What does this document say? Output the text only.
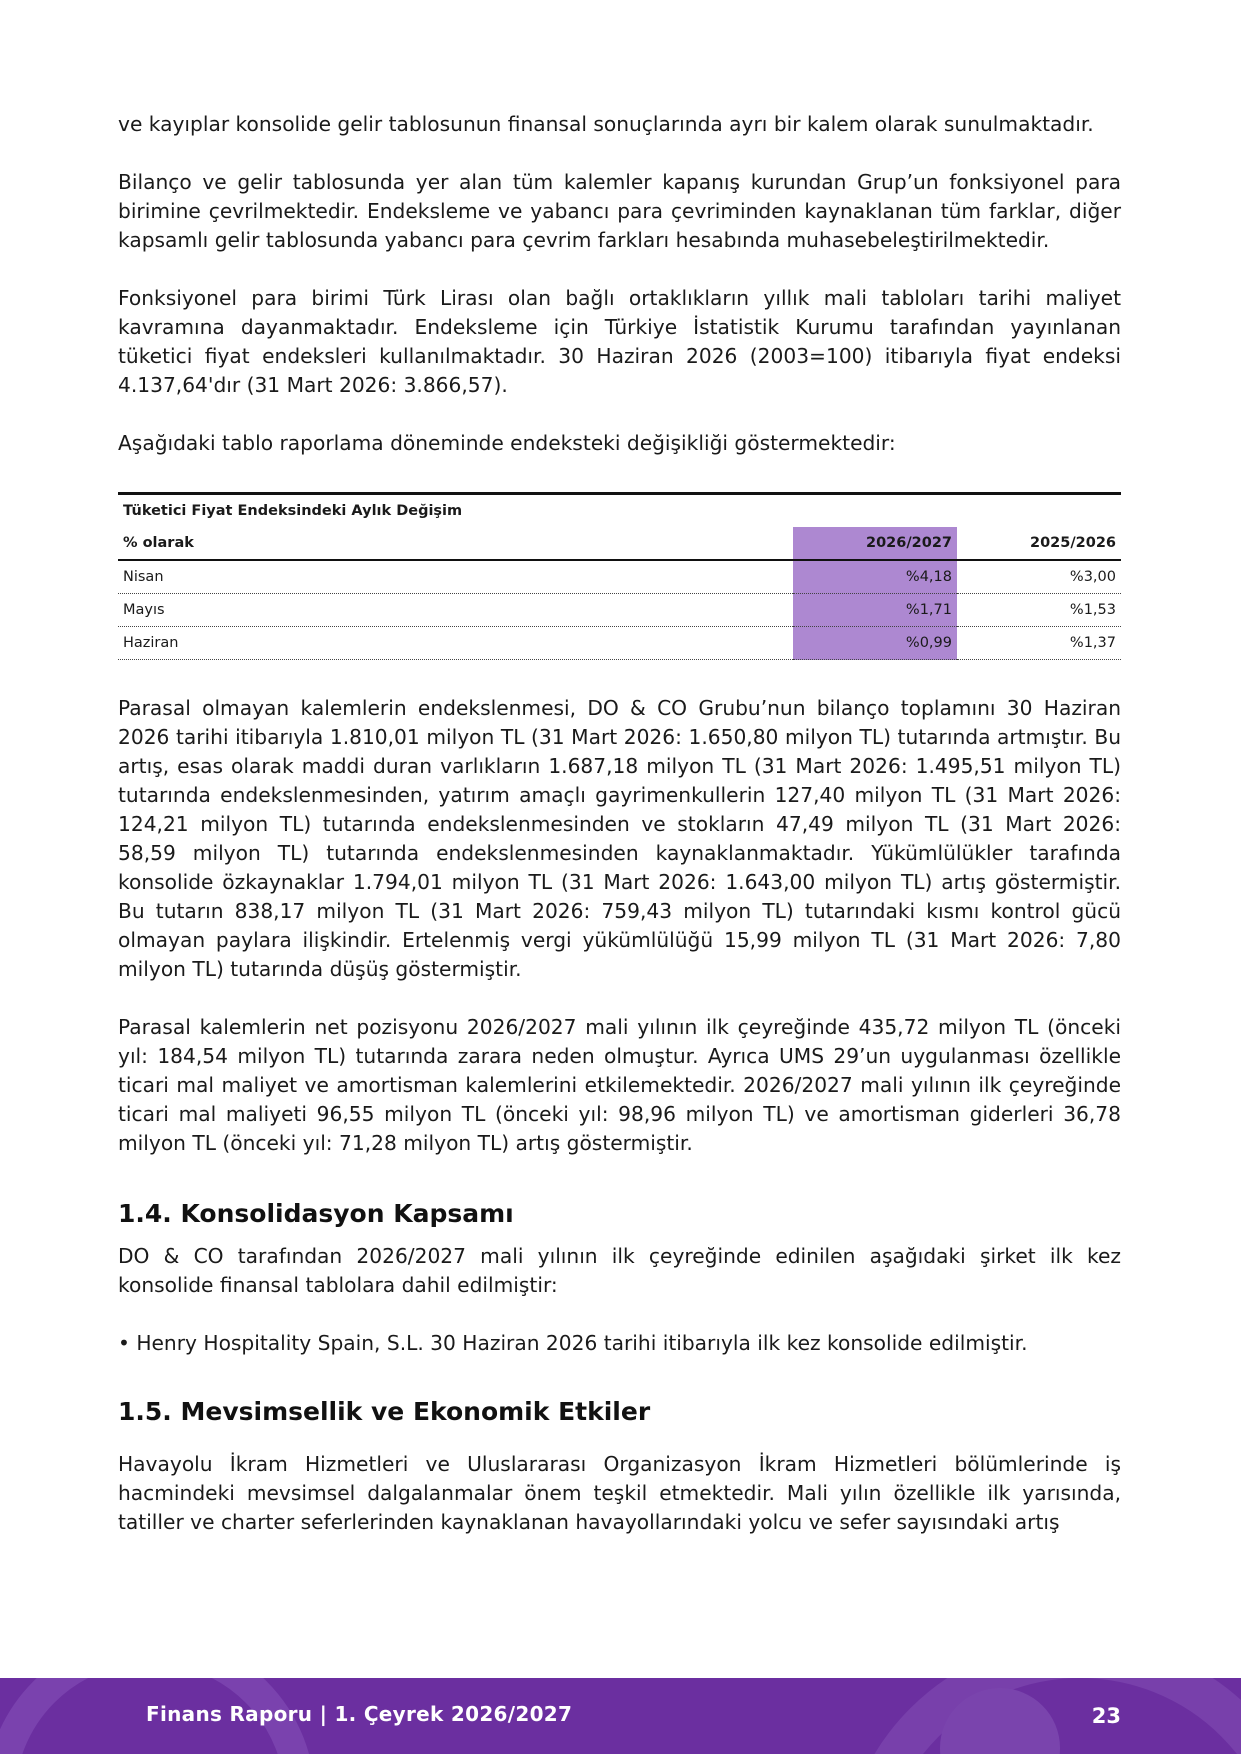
ve kayıplar konsolide gelir tablosunun finansal sonuçlarında ayrı bir kalem olarak sunulmaktadır.

Bilanço ve gelir tablosunda yer alan tüm kalemler kapanış kurundan Grup’un fonksiyonel para birimine çevrilmektedir. Endeksleme ve yabancı para çevriminden kaynaklanan tüm farklar, diğer kapsamlı gelir tablosunda yabancı para çevrim farkları hesabında muhasebeleştirilmektedir.

Fonksiyonel para birimi Türk Lirası olan bağlı ortaklıkların yıllık mali tabloları tarihi maliyet kavramına dayanmaktadır. Endeksleme için Türkiye İstatistik Kurumu tarafından yayınlanan tüketici fiyat endeksleri kullanılmaktadır. 30 Haziran 2026 (2003=100) itibarıyla fiyat endeksi 4.137,64'dır (31 Mart 2026: 3.866,57).

Aşağıdaki tablo raporlama döneminde endeksteki değişikliği göstermektedir:

Tüketici Fiyat Endeksindeki Aylık Değişim		
% olarak	2026/2027	2025/2026
Nisan	%4,18	%3,00
Mayıs	%1,71	%1,53
Haziran	%0,99	%1,37

Parasal olmayan kalemlerin endekslenmesi, DO & CO Grubu’nun bilanço toplamını 30 Haziran 2026 tarihi itibarıyla 1.810,01 milyon TL (31 Mart 2026: 1.650,80 milyon TL) tutarında artmıştır. Bu artış, esas olarak maddi duran varlıkların 1.687,18 milyon TL (31 Mart 2026: 1.495,51 milyon TL) tutarında endekslenmesinden, yatırım amaçlı gayrimenkullerin 127,40 milyon TL (31 Mart 2026: 124,21 milyon TL) tutarında endekslenmesinden ve stokların 47,49 milyon TL (31 Mart 2026: 58,59 milyon TL) tutarında endekslenmesinden kaynaklanmaktadır. Yükümlülükler tarafında konsolide özkaynaklar 1.794,01 milyon TL (31 Mart 2026: 1.643,00 milyon TL) artış göstermiştir. Bu tutarın 838,17 milyon TL (31 Mart 2026: 759,43 milyon TL) tutarındaki kısmı kontrol gücü olmayan paylara ilişkindir. Ertelenmiş vergi yükümlülüğü 15,99 milyon TL (31 Mart 2026: 7,80 milyon TL) tutarında düşüş göstermiştir.

Parasal kalemlerin net pozisyonu 2026/2027 mali yılının ilk çeyreğinde 435,72 milyon TL (önceki yıl: 184,54 milyon TL) tutarında zarara neden olmuştur. Ayrıca UMS 29’un uygulanması özellikle ticari mal maliyet ve amortisman kalemlerini etkilemektedir. 2026/2027 mali yılının ilk çeyreğinde ticari mal maliyeti 96,55 milyon TL (önceki yıl: 98,96 milyon TL) ve amortisman giderleri 36,78 milyon TL (önceki yıl: 71,28 milyon TL) artış göstermiştir.

1.4. Konsolidasyon Kapsamı

DO & CO tarafından 2026/2027 mali yılının ilk çeyreğinde edinilen aşağıdaki şirket ilk kez konsolide finansal tablolara dahil edilmiştir:

• Henry Hospitality Spain, S.L. 30 Haziran 2026 tarihi itibarıyla ilk kez konsolide edilmiştir.

1.5. Mevsimsellik ve Ekonomik Etkiler

Havayolu İkram Hizmetleri ve Uluslararası Organizasyon İkram Hizmetleri bölümlerinde iş hacmindeki mevsimsel dalgalanmalar önem teşkil etmektedir. Mali yılın özellikle ilk yarısında, tatiller ve charter seferlerinden kaynaklanan havayollarındaki yolcu ve sefer sayısındaki artış

Finans Raporu | 1. Çeyrek 2026/2027	23
